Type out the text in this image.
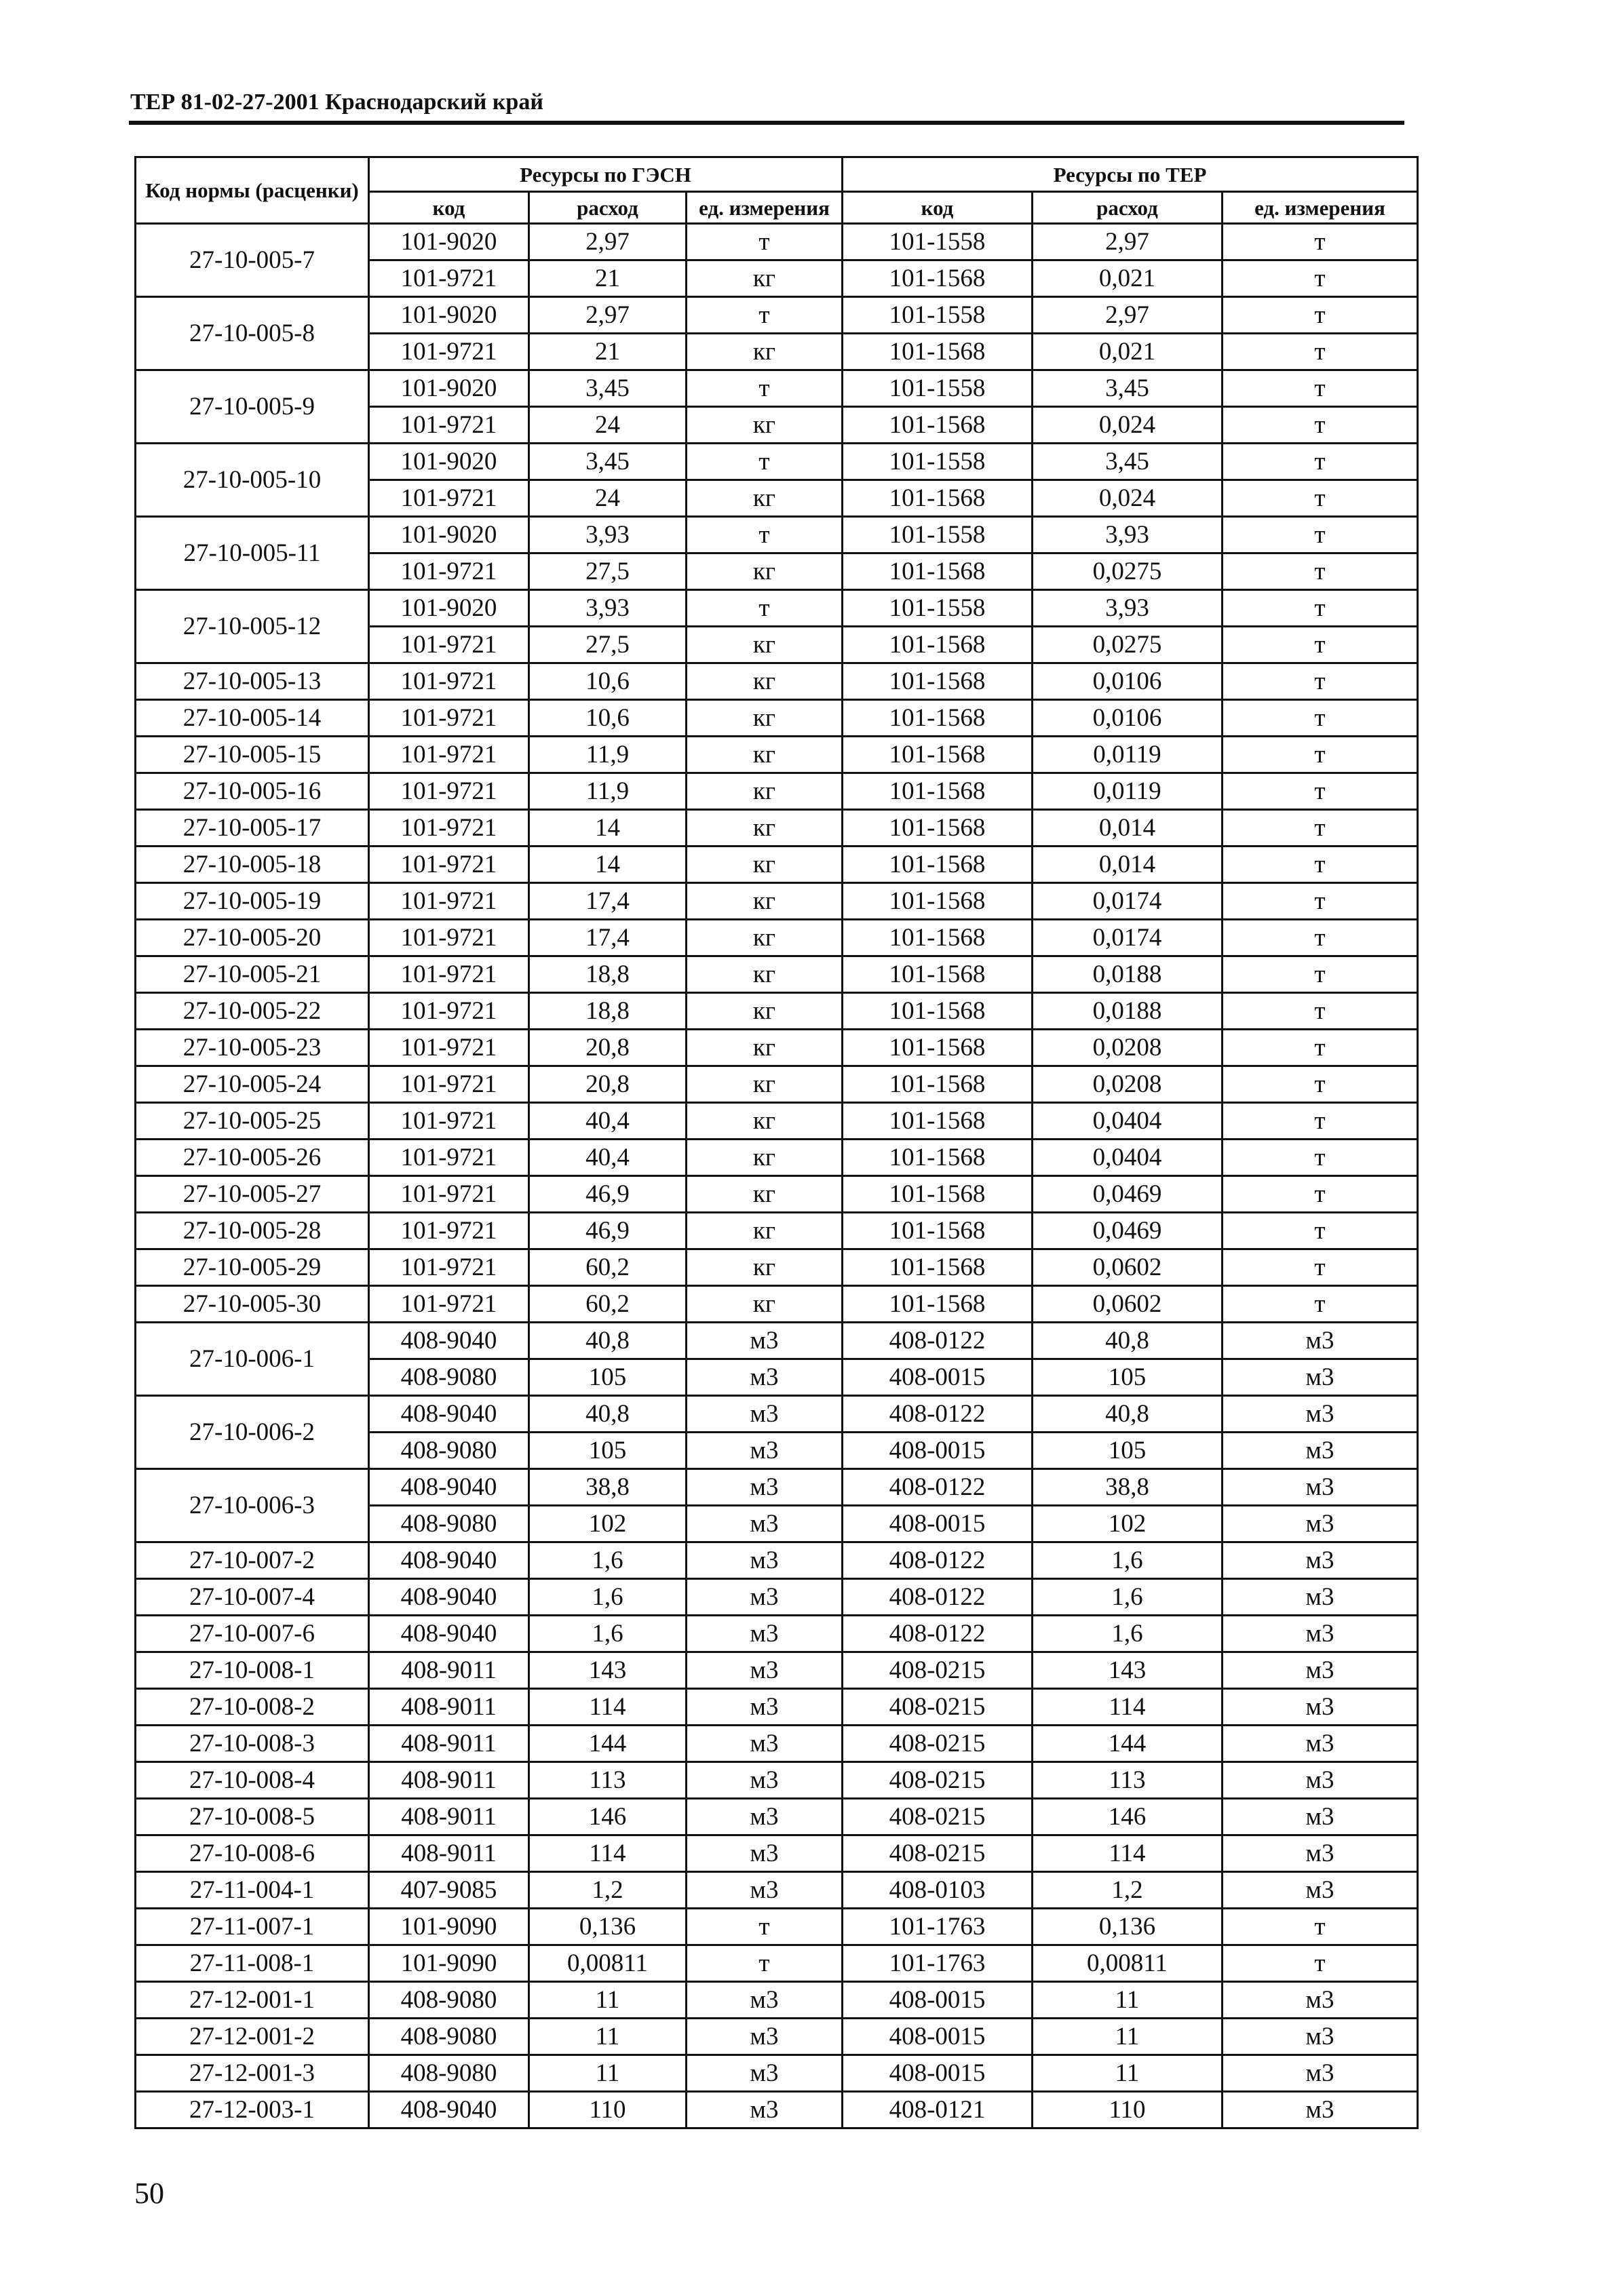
ТЕР 81-02-27-2001 Краснодарский край
Код нормы (расценки)	Ресурсы по ГЭСН			Ресурсы по ТЕР		
	код	расход	ед. измерения	код	расход	ед. измерения
27-10-005-7	101-9020	2,97	т	101-1558	2,97	т
	101-9721	21	кг	101-1568	0,021	т
27-10-005-8	101-9020	2,97	т	101-1558	2,97	т
	101-9721	21	кг	101-1568	0,021	т
27-10-005-9	101-9020	3,45	т	101-1558	3,45	т
	101-9721	24	кг	101-1568	0,024	т
27-10-005-10	101-9020	3,45	т	101-1558	3,45	т
	101-9721	24	кг	101-1568	0,024	т
27-10-005-11	101-9020	3,93	т	101-1558	3,93	т
	101-9721	27,5	кг	101-1568	0,0275	т
27-10-005-12	101-9020	3,93	т	101-1558	3,93	т
	101-9721	27,5	кг	101-1568	0,0275	т
27-10-005-13	101-9721	10,6	кг	101-1568	0,0106	т
27-10-005-14	101-9721	10,6	кг	101-1568	0,0106	т
27-10-005-15	101-9721	11,9	кг	101-1568	0,0119	т
27-10-005-16	101-9721	11,9	кг	101-1568	0,0119	т
27-10-005-17	101-9721	14	кг	101-1568	0,014	т
27-10-005-18	101-9721	14	кг	101-1568	0,014	т
27-10-005-19	101-9721	17,4	кг	101-1568	0,0174	т
27-10-005-20	101-9721	17,4	кг	101-1568	0,0174	т
27-10-005-21	101-9721	18,8	кг	101-1568	0,0188	т
27-10-005-22	101-9721	18,8	кг	101-1568	0,0188	т
27-10-005-23	101-9721	20,8	кг	101-1568	0,0208	т
27-10-005-24	101-9721	20,8	кг	101-1568	0,0208	т
27-10-005-25	101-9721	40,4	кг	101-1568	0,0404	т
27-10-005-26	101-9721	40,4	кг	101-1568	0,0404	т
27-10-005-27	101-9721	46,9	кг	101-1568	0,0469	т
27-10-005-28	101-9721	46,9	кг	101-1568	0,0469	т
27-10-005-29	101-9721	60,2	кг	101-1568	0,0602	т
27-10-005-30	101-9721	60,2	кг	101-1568	0,0602	т
27-10-006-1	408-9040	40,8	м3	408-0122	40,8	м3
	408-9080	105	м3	408-0015	105	м3
27-10-006-2	408-9040	40,8	м3	408-0122	40,8	м3
	408-9080	105	м3	408-0015	105	м3
27-10-006-3	408-9040	38,8	м3	408-0122	38,8	м3
	408-9080	102	м3	408-0015	102	м3
27-10-007-2	408-9040	1,6	м3	408-0122	1,6	м3
27-10-007-4	408-9040	1,6	м3	408-0122	1,6	м3
27-10-007-6	408-9040	1,6	м3	408-0122	1,6	м3
27-10-008-1	408-9011	143	м3	408-0215	143	м3
27-10-008-2	408-9011	114	м3	408-0215	114	м3
27-10-008-3	408-9011	144	м3	408-0215	144	м3
27-10-008-4	408-9011	113	м3	408-0215	113	м3
27-10-008-5	408-9011	146	м3	408-0215	146	м3
27-10-008-6	408-9011	114	м3	408-0215	114	м3
27-11-004-1	407-9085	1,2	м3	408-0103	1,2	м3
27-11-007-1	101-9090	0,136	т	101-1763	0,136	т
27-11-008-1	101-9090	0,00811	т	101-1763	0,00811	т
27-12-001-1	408-9080	11	м3	408-0015	11	м3
27-12-001-2	408-9080	11	м3	408-0015	11	м3
27-12-001-3	408-9080	11	м3	408-0015	11	м3
27-12-003-1	408-9040	110	м3	408-0121	110	м3
50
